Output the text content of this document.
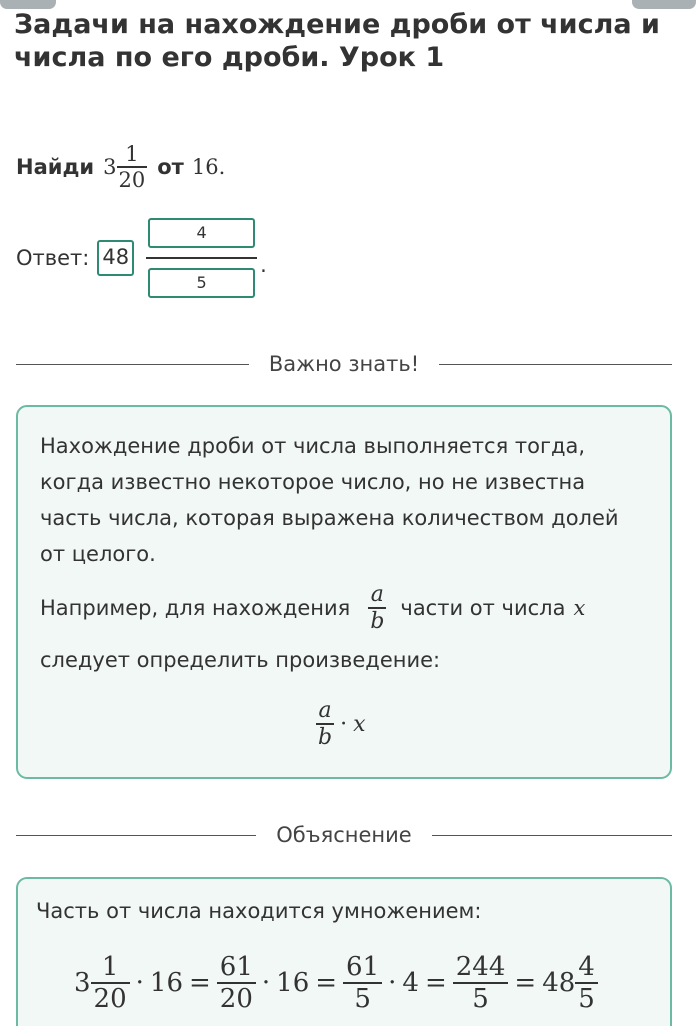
Задачи на нахождение дроби от числа и числа по его дроби. Урок 1
Найди $3 \frac{1}{20}$ от 16 .
Ответ: 48	$\frac{4}{5}$ .
Важно знать!

Нахождение дроби от числа выполняется тогда, когда известно некоторое число, но не известна часть числа, которая выражена количеством долей от целого.

Например, для нахождения $\frac{a}{b}$ части от числа x

следует определить произведение:

$\frac{a}{b} \cdot x$
Объяснение

Часть от числа находится умножением:

$3 \frac{1}{20} \cdot 16 = \frac{61}{20} \cdot 16 = \frac{61}{5} \cdot 4 = \frac{244}{5} = 48 \frac{4}{5}$
